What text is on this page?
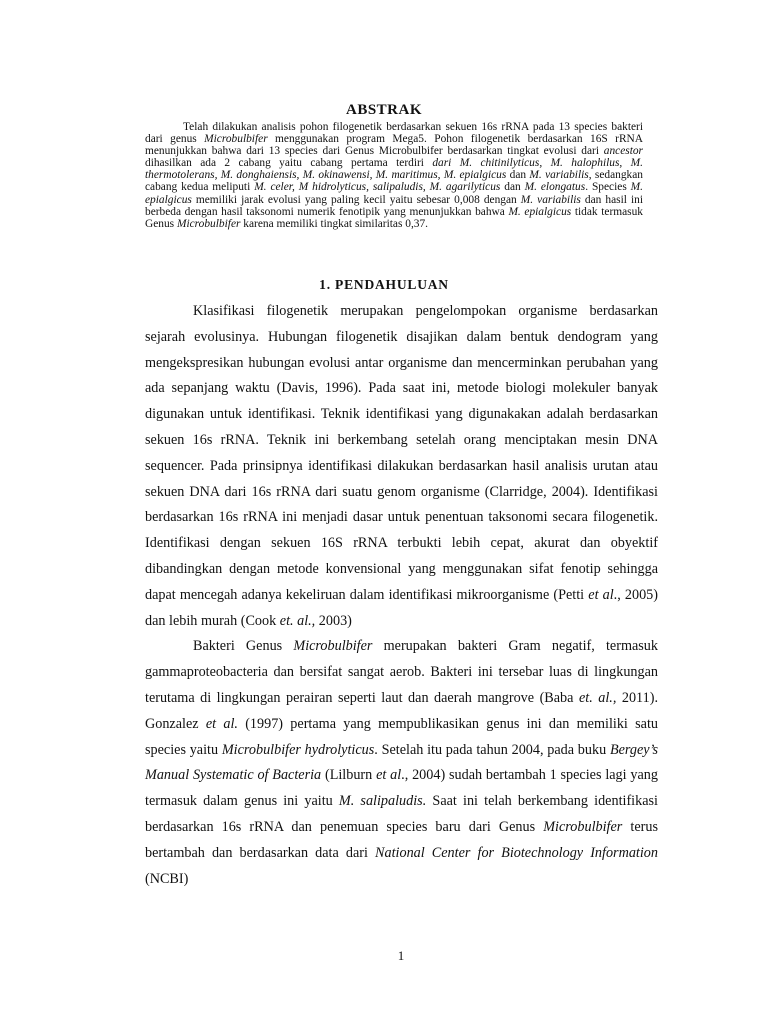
ABSTRAK

Telah dilakukan analisis pohon filogenetik berdasarkan sekuen 16s rRNA pada 13 species bakteri dari genus Microbulbifer menggunakan program Mega5. Pohon filogenetik berdasarkan 16S rRNA menunjukkan bahwa dari 13 species dari Genus Microbulbifer berdasarkan tingkat evolusi dari ancestor dihasilkan ada 2 cabang yaitu cabang pertama terdiri dari M. chitinilyticus, M. halophilus, M. thermotolerans, M. donghaiensis, M. okinawensi, M. maritimus, M. epialgicus dan M. variabilis, sedangkan cabang kedua meliputi M. celer, M hidrolyticus, salipaludis, M. agarilyticus dan M. elongatus. Species M. epialgicus memiliki jarak evolusi yang paling kecil yaitu sebesar 0,008 dengan M. variabilis dan hasil ini berbeda dengan hasil taksonomi numerik fenotipik yang menunjukkan bahwa M. epialgicus tidak termasuk Genus Microbulbifer karena memiliki tingkat similaritas 0,37.

1. PENDAHULUAN

Klasifikasi filogenetik merupakan pengelompokan organisme berdasarkan sejarah evolusinya. Hubungan filogenetik disajikan dalam bentuk dendogram yang mengekspresikan hubungan evolusi antar organisme dan mencerminkan perubahan yang ada sepanjang waktu (Davis, 1996). Pada saat ini, metode biologi molekuler banyak digunakan untuk identifikasi. Teknik identifikasi yang digunakakan adalah berdasarkan sekuen 16s rRNA. Teknik ini berkembang setelah orang menciptakan mesin DNA sequencer. Pada prinsipnya identifikasi dilakukan berdasarkan hasil analisis urutan atau sekuen DNA dari 16s rRNA dari suatu genom organisme (Clarridge, 2004). Identifikasi berdasarkan 16s rRNA ini menjadi dasar untuk penentuan taksonomi secara filogenetik. Identifikasi dengan sekuen 16S rRNA terbukti lebih cepat, akurat dan obyektif dibandingkan dengan metode konvensional yang menggunakan sifat fenotip sehingga dapat mencegah adanya kekeliruan dalam identifikasi mikroorganisme (Petti et al., 2005) dan lebih murah (Cook et. al., 2003)

Bakteri Genus Microbulbifer merupakan bakteri Gram negatif, termasuk gammaproteobacteria dan bersifat sangat aerob. Bakteri ini tersebar luas di lingkungan terutama di lingkungan perairan seperti laut dan daerah mangrove (Baba et. al., 2011). Gonzalez et al. (1997) pertama yang mempublikasikan genus ini dan memiliki satu species yaitu Microbulbifer hydrolyticus. Setelah itu pada tahun 2004, pada buku Bergey’s Manual Systematic of Bacteria (Lilburn et al., 2004) sudah bertambah 1 species lagi yang termasuk dalam genus ini yaitu M. salipaludis. Saat ini telah berkembang identifikasi berdasarkan 16s rRNA dan penemuan species baru dari Genus Microbulbifer terus bertambah dan berdasarkan data dari National Center for Biotechnology Information (NCBI)

1
